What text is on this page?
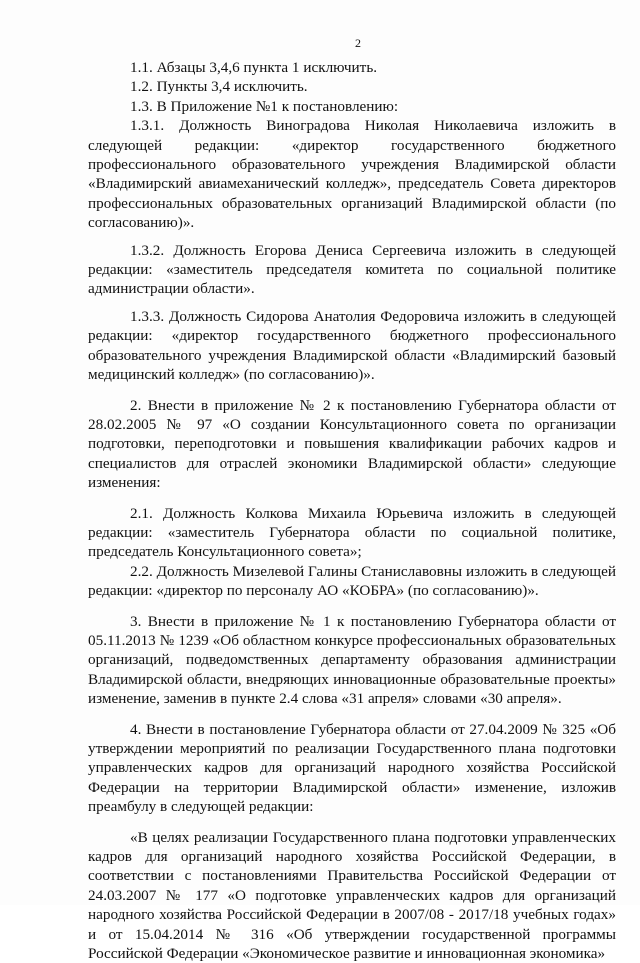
2

1.1. Абзацы 3,4,6 пункта 1 исключить.

1.2. Пункты 3,4 исключить.

1.3. В Приложение №1 к постановлению:

1.3.1. Должность Виноградова Николая Николаевича изложить в следующей редакции: «директор государственного бюджетного профессионального образовательного учреждения Владимирской области «Владимирский авиамеханический колледж», председатель Совета директоров профессиональных образовательных организаций Владимирской области (по согласованию)».

1.3.2. Должность Егорова Дениса Сергеевича изложить в следующей редакции: «заместитель председателя комитета по социальной политике администрации области».

1.3.3. Должность Сидорова Анатолия Федоровича изложить в следующей редакции: «директор государственного бюджетного профессионального образовательного учреждения Владимирской области «Владимирский базовый медицинский колледж» (по согласованию)».

2. Внести в приложение № 2 к постановлению Губернатора области от 28.02.2005 № 97 «О создании Консультационного совета по организации подготовки, переподготовки и повышения квалификации рабочих кадров и специалистов для отраслей экономики Владимирской области» следующие изменения:

2.1. Должность Колкова Михаила Юрьевича изложить в следующей редакции: «заместитель Губернатора области по социальной политике, председатель Консультационного совета»;

2.2. Должность Мизелевой Галины Станиславовны изложить в следующей редакции: «директор по персоналу АО «КОБРА» (по согласованию)».

3. Внести в приложение № 1 к постановлению Губернатора области от 05.11.2013 № 1239 «Об областном конкурсе профессиональных образовательных организаций, подведомственных департаменту образования администрации Владимирской области, внедряющих инновационные образовательные проекты» изменение, заменив в пункте 2.4 слова «31 апреля» словами «30 апреля».

4. Внести в постановление Губернатора области от 27.04.2009 № 325 «Об утверждении мероприятий по реализации Государственного плана подготовки управленческих кадров для организаций народного хозяйства Российской Федерации на территории Владимирской области» изменение, изложив преамбулу в следующей редакции:

«В целях реализации Государственного плана подготовки управленческих кадров для организаций народного хозяйства Российской Федерации, в соответствии с постановлениями Правительства Российской Федерации от 24.03.2007 № 177 «О подготовке управленческих кадров для организаций народного хозяйства Российской Федерации в 2007/08 - 2017/18 учебных годах» и от 15.04.2014 № 316 «Об утверждении государственной программы Российской Федерации «Экономическое развитие и инновационная экономика»
